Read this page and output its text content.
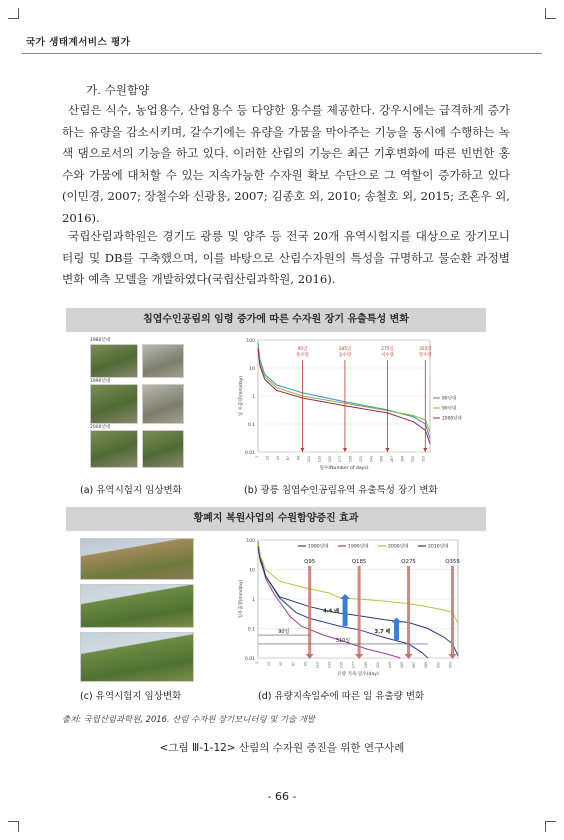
국가 생태계서비스 평가
가. 수원함양
산림은 식수, 농업용수, 산업용수 등 다양한 용수를 제공한다. 강우시에는 급격하게 증가하는 유량을 감소시키며, 갈수기에는 유량을 가뭄을 막아주는 기능을 동시에 수행하는 녹색 댐으로서의 기능을 하고 있다. 이러한 산림의 기능은 최근 기후변화에 따른 빈번한 홍수와 가뭄에 대처할 수 있는 지속가능한 수자원 확보 수단으로 그 역할이 증가하고 있다(이민경, 2007; 장철수와 신광용, 2007; 김종호 외, 2010; 송철호 외, 2015; 조혼우 외, 2016).
국립산림과학원은 경기도 광릉 및 양주 등 전국 20개 유역시험지를 대상으로 장기모니터링 및 DB를 구축했으며, 이를 바탕으로 산림수자원의 특성을 규명하고 물순환 과정별 변화 예측 모델을 개발하였다(국립산림과학원, 2016).
침엽수인공림의 임령 증가에 따른 수자원 장기 유출특성 변화
1980년대
1990년대
2000년대
100
10
1
0.1
0.01
1 23 45 67 89 111 133 155 177 199 221 243 265 287 309 331 353
일수(Number of days)
일 유출량(mm/day)
95일
홍수량
185일
풍수량
275일
저수량
355일
갈수량
80년대
90년대
2000년대
(a) 유역시험지 임상변화	(b) 광릉 침엽수인공림유역 유출특성 장기 변화
황폐지 복원사업의 수원함양증진 효과
100
10
1
0.1
0.01
1	23	45	67	89	111	133	155	177	199	221	243	265	287	309	331	353
유량 지속 일수(day)
일유출량(mm/day)
1980년대	1990년대	2000년대	2010년대
Q95	Q185	Q275	Q355
4.4 배
3.7 배
90일
310일
(c) 유역시험지 임상변화	(d) 유량지속일수에 따른 일 유출량 변화
출처: 국립산림과학원, 2016. 산림 수자원 장기모니터링 및 기술 개발
<그림 Ⅲ-1-12> 산림의 수자원 증진을 위한 연구사례
- 66 -
